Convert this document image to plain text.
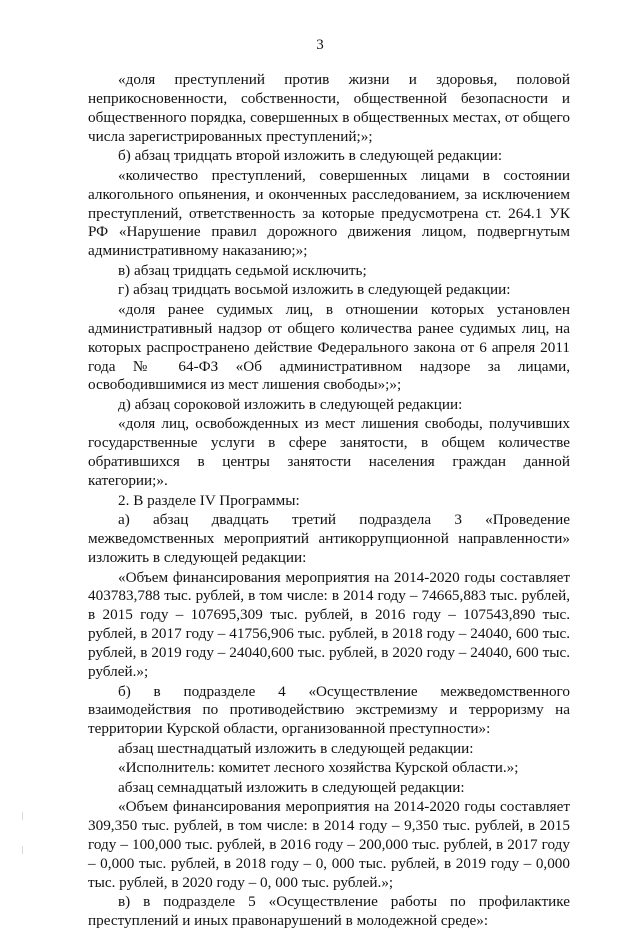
3

«доля преступлений против жизни и здоровья, половой неприкосновенности, собственности, общественной безопасности и общественного порядка, совершенных в общественных местах, от общего числа зарегистрированных преступлений;»;

б) абзац тридцать второй изложить в следующей редакции:

«количество преступлений, совершенных лицами в состоянии алкогольного опьянения, и оконченных расследованием, за исключением преступлений, ответственность за которые предусмотрена ст. 264.1 УК РФ «Нарушение правил дорожного движения лицом, подвергнутым административному наказанию;»;

в) абзац тридцать седьмой исключить;

г) абзац тридцать восьмой изложить в следующей редакции:

«доля ранее судимых лиц, в отношении которых установлен административный надзор от общего количества ранее судимых лиц, на которых распространено действие Федерального закона от 6 апреля 2011 года № 64-ФЗ «Об административном надзоре за лицами, освободившимися из мест лишения свободы»;»;

д) абзац сороковой изложить в следующей редакции:

«доля лиц, освобожденных из мест лишения свободы, получивших государственные услуги в сфере занятости, в общем количестве обратившихся в центры занятости населения граждан данной категории;».

2. В разделе IV Программы:

а) абзац двадцать третий подраздела 3 «Проведение межведомственных мероприятий антикоррупционной направленности» изложить в следующей редакции:

«Объем финансирования мероприятия на 2014-2020 годы составляет 403783,788 тыс. рублей, в том числе: в 2014 году – 74665,883 тыс. рублей, в 2015 году – 107695,309 тыс. рублей, в 2016 году – 107543,890 тыс. рублей, в 2017 году – 41756,906 тыс. рублей, в 2018 году – 24040, 600 тыс. рублей, в 2019 году – 24040,600 тыс. рублей, в 2020 году – 24040, 600 тыс. рублей.»;

б) в подразделе 4 «Осуществление межведомственного взаимодействия по противодействию экстремизму и терроризму на территории Курской области, организованной преступности»:

абзац шестнадцатый изложить в следующей редакции:

«Исполнитель: комитет лесного хозяйства Курской области.»;

абзац семнадцатый изложить в следующей редакции:

«Объем финансирования мероприятия на 2014-2020 годы составляет 309,350 тыс. рублей, в том числе: в 2014 году – 9,350 тыс. рублей, в 2015 году – 100,000 тыс. рублей, в 2016 году – 200,000 тыс. рублей, в 2017 году – 0,000 тыс. рублей, в 2018 году – 0, 000 тыс. рублей, в 2019 году – 0,000 тыс. рублей, в 2020 году – 0, 000 тыс. рублей.»;

в) в подразделе 5 «Осуществление работы по профилактике преступлений и иных правонарушений в молодежной среде»:
